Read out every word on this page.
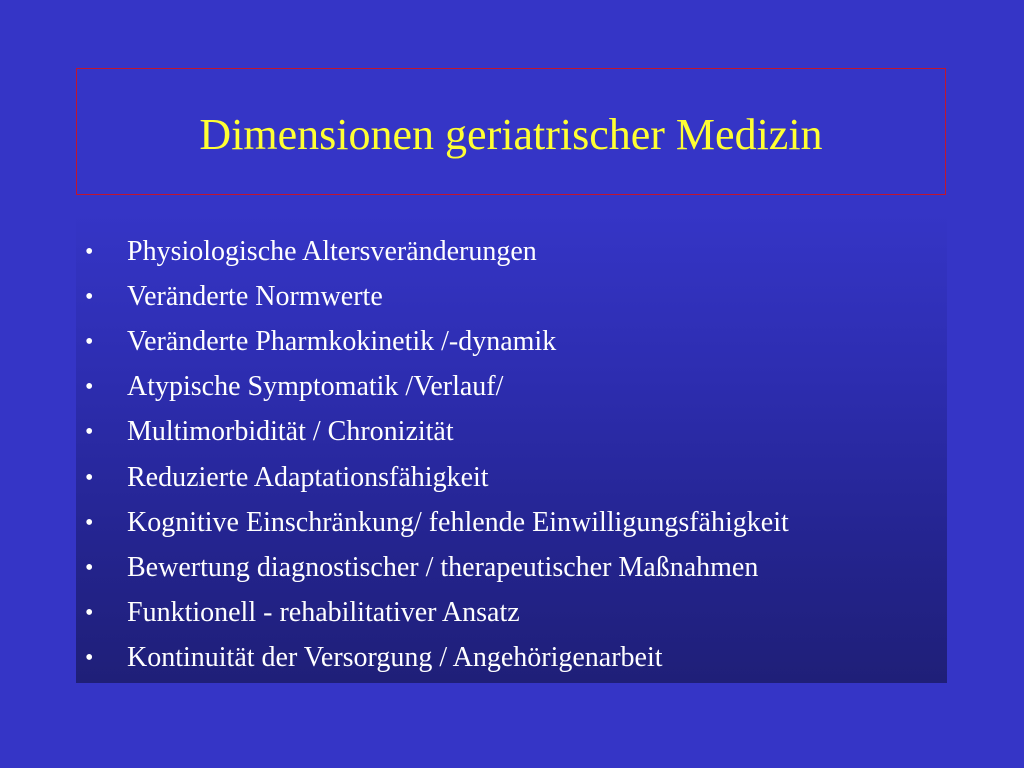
Dimensionen geriatrischer Medizin
• Physiologische Altersveränderungen
• Veränderte Normwerte
• Veränderte Pharmkokinetik /-dynamik
• Atypische Symptomatik /Verlauf/
• Multimorbidität / Chronizität
• Reduzierte Adaptationsfähigkeit
• Kognitive Einschränkung/ fehlende Einwilligungsfähigkeit
• Bewertung diagnostischer / therapeutischer Maßnahmen
• Funktionell - rehabilitativer Ansatz
• Kontinuität der Versorgung / Angehörigenarbeit
